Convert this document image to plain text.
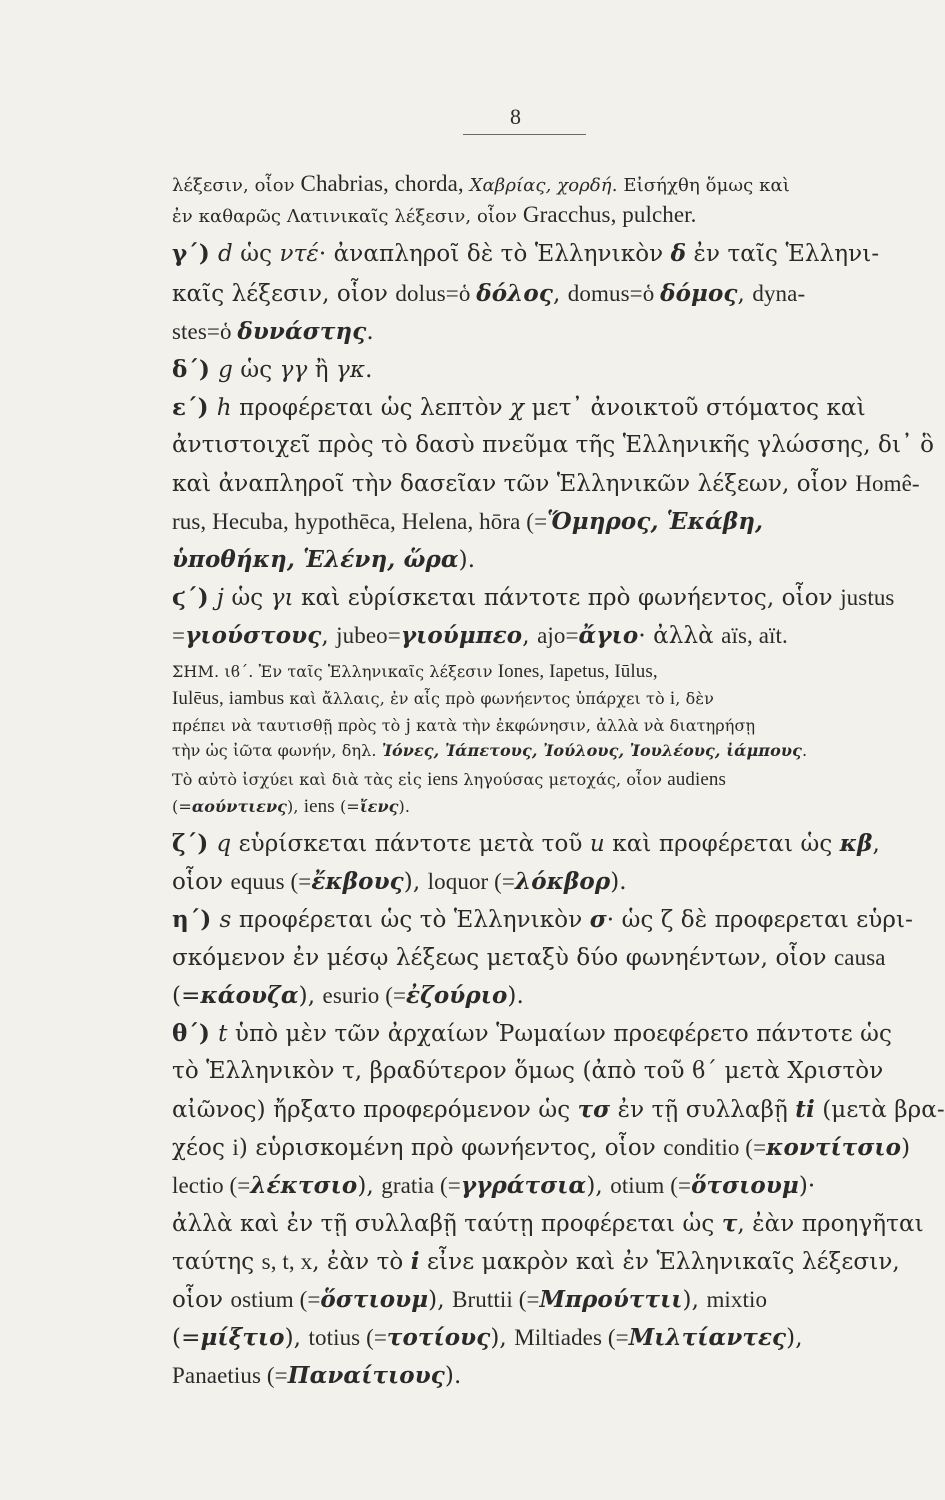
8
λέξεσιν, οἷον Chabrias, chorda, Χαβρίας, χορδή. Εἰσήχθη ὅμως καὶ
ἐν καθαρῶς Λατινικαῖς λέξεσιν, οἷον Gracchus, pulcher.
γ´) d ὡς ντέ· ἀναπληροῖ δὲ τὸ Ἑλληνικὸν δ ἐν ταῖς Ἑλληνι-
καῖς λέξεσιν, οἷον dolus=ὁ δόλος, domus=ὁ δόμος, dyna-
stes=ὁ δυνάστης.
δ´) g ὡς γγ ἢ γκ.
ε´) h προφέρεται ὡς λεπτὸν χ μετ᾽ ἀνοικτοῦ στόματος καὶ
ἀντιστοιχεῖ πρὸς τὸ δασὺ πνεῦμα τῆς Ἑλληνικῆς γλώσσης, δι᾽ ὃ
καὶ ἀναπληροῖ τὴν δασεῖαν τῶν Ἑλληνικῶν λέξεων, οἷον Homê-
rus, Hecuba, hypothēca, Helena, hōra (=Ὅμηρος, Ἑκάβη,
ὑποθήκη, Ἑλένη, ὥρα).
ϛ´) j ὡς γι καὶ εὑρίσκεται πάντοτε πρὸ φωνήεντος, οἷον justus
=γιούστους, jubeo=γιούμπεο, ajo=ἄγιο· ἀλλὰ aïs, aït.
ΣΗΜ. ιϐ´. Ἐν ταῖς Ἑλληνικαῖς λέξεσιν Iones, Iapetus, Iūlus,
Iulēus, iambus καὶ ἄλλαις, ἐν αἷς πρὸ φωνήεντος ὑπάρχει τὸ i, δὲν
πρέπει νὰ ταυτισθῇ πρὸς τὸ j κατὰ τὴν ἐκφώνησιν, ἀλλὰ νὰ διατηρήσῃ
τὴν ὡς ἰῶτα φωνήν, δηλ. Ἰόνες, Ἰάπετους, Ἰούλους, Ἰουλέους, ἰάμπους.
Τὸ αὐτὸ ἰσχύει καὶ διὰ τὰς εἰς iens ληγούσας μετοχάς, οἷον audiens
(=αούντιενς), iens (=ἴενς).
ζ´) q εὑρίσκεται πάντοτε μετὰ τοῦ u καὶ προφέρεται ὡς κβ,
οἷον equus (=ἔκβους), loquor (=λόκβορ).
η´) s προφέρεται ὡς τὸ Ἑλληνικὸν σ· ὡς ζ δὲ προφερεται εὑρι-
σκόμενον ἐν μέσῳ λέξεως μεταξὺ δύο φωνηέντων, οἷον causa
(=κάουζα), esurio (=ἐζούριο).
θ´) t ὑπὸ μὲν τῶν ἀρχαίων Ῥωμαίων προεφέρετο πάντοτε ὡς
τὸ Ἑλληνικὸν τ, βραδύτερον ὅμως (ἀπὸ τοῦ ϐ´ μετὰ Χριστὸν
αἰῶνος) ἤρξατο προφερόμενον ὡς τσ ἐν τῇ συλλαβῇ ti (μετὰ βρα-
χέος i) εὑρισκομένη πρὸ φωνήεντος, οἷον conditio (=κοντίτσιο)
lectio (=λέκτσιο), gratia (=γγράτσια), otium (=ὅτσιουμ)·
ἀλλὰ καὶ ἐν τῇ συλλαβῇ ταύτῃ προφέρεται ὡς τ, ἐὰν προηγῆται
ταύτης s, t, x, ἐὰν τὸ i εἶνε μακρὸν καὶ ἐν Ἑλληνικαῖς λέξεσιν,
οἷον ostium (=ὅστιουμ), Bruttii (=Μπρούττιι), mixtio
(=μίξτιο), totius (=τοτίους), Miltiades (=Μιλτίαντες),
Panaetius (=Παναίτιους).
